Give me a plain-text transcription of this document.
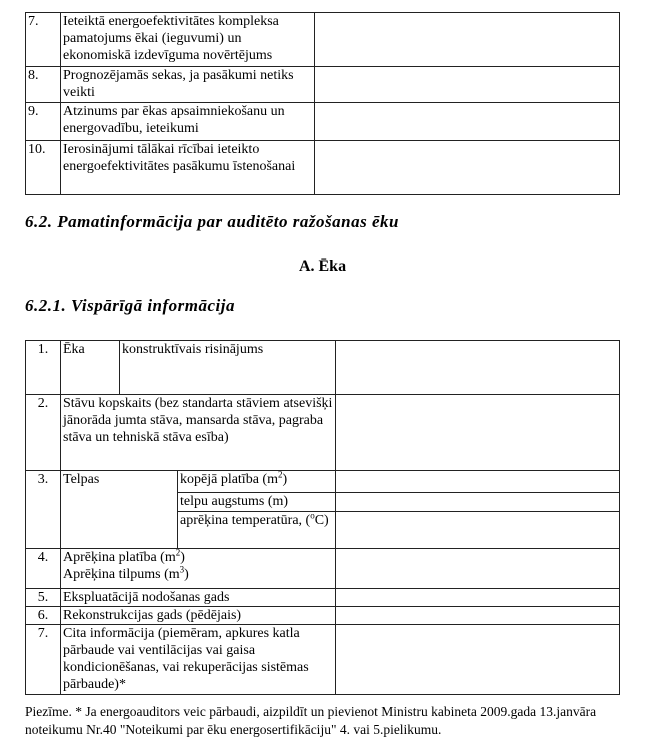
7.	Ieteiktā energoefektivitātes kompleksa pamatojums ēkai (ieguvumi) un ekonomiskā izdevīguma novērtējums	
8.	Prognozējamās sekas, ja pasākumi netiks veikti	
9.	Atzinums par ēkas apsaimniekošanu un energovadību, ieteikumi	
10.	Ierosinājumi tālākai rīcībai ieteikto energoefektivitātes pasākumu īstenošanai	
6.2. Pamatinformācija par auditēto ražošanas ēku
A. Ēka
6.2.1. Vispārīgā informācija
1.	Ēka	konstruktīvais risinājums		
2.	Stāvu kopskaits (bez standarta stāviem atsevišķi jānorāda jumta stāva, mansarda stāva, pagraba stāva un tehniskā stāva esība)			
3.	Telpas		kopējā platība $(m^2)$	
			telpu augstums (m)	
			aprēķina temperatūra, ($^o$C)	
4.	Aprēķina platība $(m^2)$
Aprēķina tilpums $(m^3)$			
5.	Ekspluatācijā nodošanas gads			
6.	Rekonstrukcijas gads (pēdējais)			
7.	Cita informācija (piemēram, apkures katla pārbaude vai ventilācijas vai gaisa kondicionēšanas, vai rekuperācijas sistēmas pārbaude)*			
Piezīme. * Ja energoauditors veic pārbaudi, aizpildīt un pievienot Ministru kabineta 2009.gada 13.janvāra noteikumu Nr.40 "Noteikumi par ēku energosertifikāciju" 4. vai 5.pielikumu.
